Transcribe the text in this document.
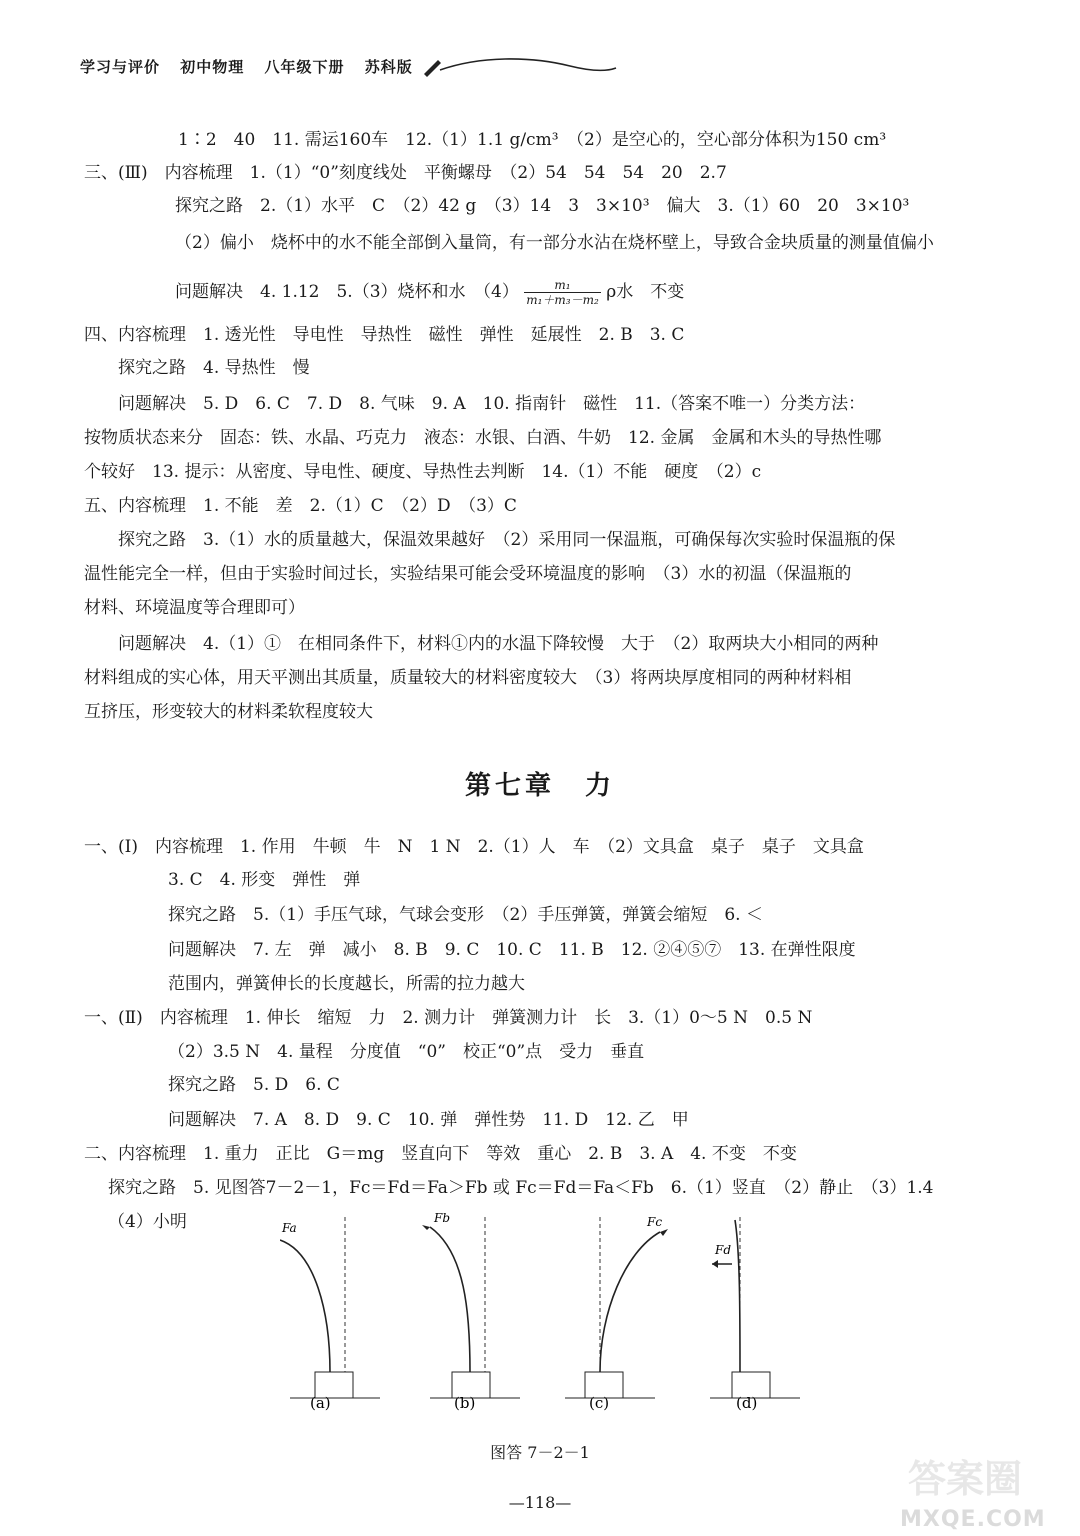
学习与评价 初中物理 八年级下册 苏科版
1∶2　40　11. 需运160车　12.（1）1.1 g/cm³　（2）是空心的，空心部分体积为150 cm³
三、(Ⅲ)　内容梳理　1.（1）“0”刻度线处　平衡螺母　（2）54　54　54　20　2.7
探究之路　2.（1）水平　C　（2）42 g　（3）14　3　3×10³　偏大　3.（1）60　20　3×10³
（2）偏小　烧杯中的水不能全部倒入量筒，有一部分水沾在烧杯壁上，导致合金块质量的测量值偏小
问题解决　4. 1.12　5.（3）烧杯和水　$(4) \frac{\text{m₁}}{\text{m₁＋m₃－m₂}}$ ρ水　不变
四、内容梳理　1. 透光性　导电性　导热性　磁性　弹性　延展性　2. B　3. C
探究之路　4. 导热性　慢
问题解决　5. D　6. C　7. D　8. 气味　9. A　10. 指南针　磁性　11.（答案不唯一）分类方法：
按物质状态来分　固态：铁、水晶、巧克力　液态：水银、白酒、牛奶　12. 金属　金属和木头的导热性哪
个较好　13. 提示：从密度、导电性、硬度、导热性去判断　14.（1）不能　硬度　（2）c
五、内容梳理　1. 不能　差　2.（1）C　（2）D　（3）C
探究之路　3.（1）水的质量越大，保温效果越好　（2）采用同一保温瓶，可确保每次实验时保温瓶的保
温性能完全一样，但由于实验时间过长，实验结果可能会受环境温度的影响　（3）水的初温（保温瓶的
材料、环境温度等合理即可）
问题解决　4.（1）①　在相同条件下，材料①内的水温下降较慢　大于　（2）取两块大小相同的两种
材料组成的实心体，用天平测出其质量，质量较大的材料密度较大　（3）将两块厚度相同的两种材料相
互挤压，形变较大的材料柔软程度较大
第七章　力
一、(Ⅰ)　内容梳理　1. 作用　牛顿　牛　N　1 N　2.（1）人　车　（2）文具盒　桌子　桌子　文具盒
3. C　4. 形变　弹性　弹
探究之路　5.（1）手压气球，气球会变形　（2）手压弹簧，弹簧会缩短　6. ＜
问题解决　7. 左　弹　减小　8. B　9. C　10. C　11. B　12. ②④⑤⑦　13. 在弹性限度
范围内，弹簧伸长的长度越长，所需的拉力越大
一、(Ⅱ)　内容梳理　1. 伸长　缩短　力　2. 测力计　弹簧测力计　长　3.（1）0～5 N　0.5 N
（2）3.5 N　4. 量程　分度值　“0”　校正“0”点　受力　垂直
探究之路　5. D　6. C
问题解决　7. A　8. D　9. C　10. 弹　弹性势　11. D　12. 乙　甲
二、内容梳理　1. 重力　正比　G＝mg　竖直向下　等效　重心　2. B　3. A　4. 不变　不变
探究之路　5. 见图答7－2－1，Fc＝Fd＝Fa＞Fb 或 Fc＝Fd＝Fa＜Fb　6.（1）竖直　（2）静止　（3）1.4
（4）小明	Fa
(a)
Fb
(b)
Fc
(c)
Fd
(d)
图答 7－2－1
—118—
答案圈
MXQE.COM
